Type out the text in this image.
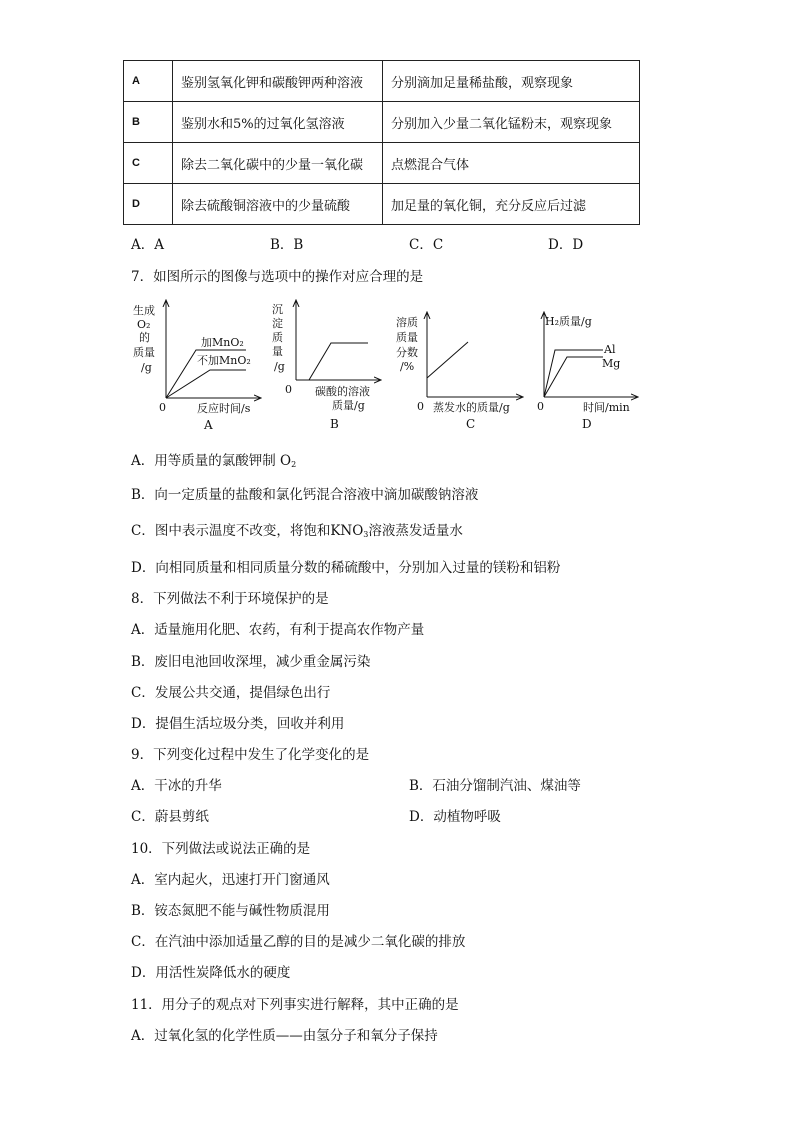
A	鉴别氢氧化钾和碳酸钾两种溶液	分别滴加足量稀盐酸，观察现象
B	鉴别水和5%的过氧化氢溶液	分别加入少量二氧化锰粉末，观察现象
C	除去二氧化碳中的少量一氧化碳	点燃混合气体
D	除去硫酸铜溶液中的少量硫酸	加足量的氧化铜，充分反应后过滤
A．A	B．B	C．C	D．D
7．如图所示的图像与选项中的操作对应合理的是
生成
O₂
的
质量
/g
加MnO₂
不加MnO₂
0	反应时间/s
A
沉
淀
质
量
/g
0 碳酸的溶液
质量/g
B
溶质
质量
分数
/%
0 蒸发水的质量/g
C
H₂质量/g
Al
Mg
0	时间/min
D
A．用等质量的氯酸钾制 $O_2$
B．向一定质量的盐酸和氯化钙混合溶液中滴加碳酸钠溶液
C．图中表示温度不改变，将饱和$KNO_3$溶液蒸发适量水
D．向相同质量和相同质量分数的稀硫酸中，分别加入过量的镁粉和铝粉
8．下列做法不利于环境保护的是
A．适量施用化肥、农药，有利于提高农作物产量
B．废旧电池回收深埋，减少重金属污染
C．发展公共交通，提倡绿色出行
D．提倡生活垃圾分类，回收并利用
9．下列变化过程中发生了化学变化的是
A．干冰的升华	B．石油分馏制汽油、煤油等
C．蔚县剪纸	D．动植物呼吸
10．下列做法或说法正确的是
A．室内起火，迅速打开门窗通风
B．铵态氮肥不能与碱性物质混用
C．在汽油中添加适量乙醇的目的是减少二氧化碳的排放
D．用活性炭降低水的硬度
11．用分子的观点对下列事实进行解释，其中正确的是
A．过氧化氢的化学性质——由氢分子和氧分子保持
